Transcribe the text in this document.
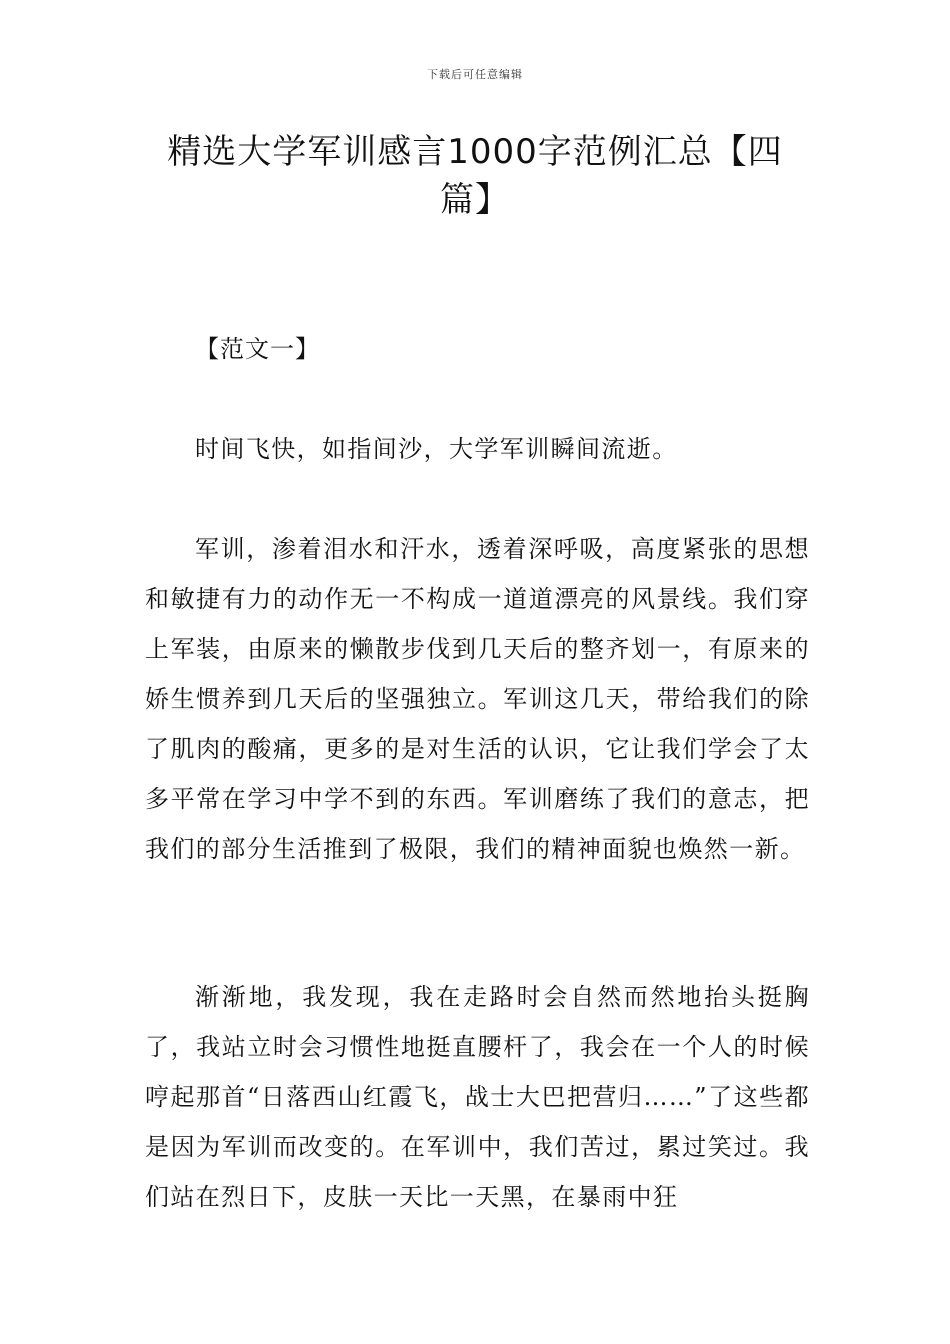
下载后可任意编辑
精选大学军训感言1000字范例汇总【四篇】
【范文一】

时间飞快，如指间沙，大学军训瞬间流逝。

军训，渗着泪水和汗水，透着深呼吸，高度紧张的思想和敏捷有力的动作无一不构成一道道漂亮的风景线。我们穿上军装，由原来的懒散步伐到几天后的整齐划一，有原来的娇生惯养到几天后的坚强独立。军训这几天，带给我们的除了肌肉的酸痛，更多的是对生活的认识，它让我们学会了太多平常在学习中学不到的东西。军训磨练了我们的意志，把我们的部分生活推到了极限，我们的精神面貌也焕然一新。

渐渐地，我发现，我在走路时会自然而然地抬头挺胸了，我站立时会习惯性地挺直腰杆了，我会在一个人的时候哼起那首“日落西山红霞飞，战士大巴把营归……”了这些都是因为军训而改变的。在军训中，我们苦过，累过笑过。我们站在烈日下，皮肤一天比一天黑，在暴雨中狂
